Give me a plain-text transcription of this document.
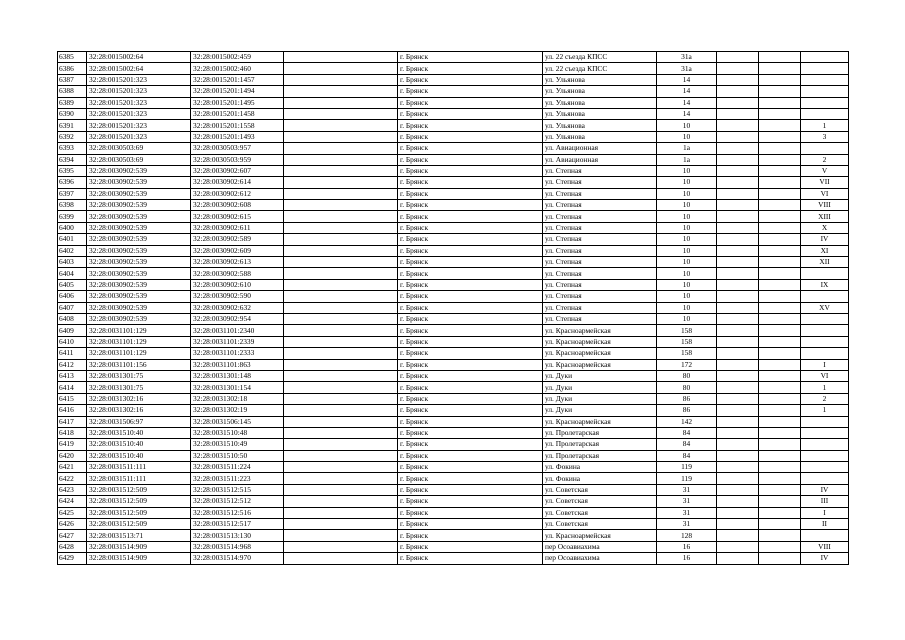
6385	32:28:0015002:64	32:28:0015002:459		г. Брянск	ул. 22 съезда КПСС	31а			
6386	32:28:0015002:64	32:28:0015002:460		г. Брянск	ул. 22 съезда КПСС	31а			
6387	32:28:0015201:323	32:28:0015201:1457		г. Брянск	ул. Ульянова	14			
6388	32:28:0015201:323	32:28:0015201:1494		г. Брянск	ул. Ульянова	14			
6389	32:28:0015201:323	32:28:0015201:1495		г. Брянск	ул. Ульянова	14			
6390	32:28:0015201:323	32:28:0015201:1458		г. Брянск	ул. Ульянова	14			
6391	32:28:0015201:323	32:28:0015201:1558		г. Брянск	ул. Ульянова	10			1
6392	32:28:0015201:323	32:28:0015201:1493		г. Брянск	ул. Ульянова	10			3
6393	32:28:0030503:69	32:28:0030503:957		г. Брянск	ул. Авиационная	1а			
6394	32:28:0030503:69	32:28:0030503:959		г. Брянск	ул. Авиационная	1а			2
6395	32:28:0030902:539	32:28:0030902:607		г. Брянск	ул. Степная	10			V
6396	32:28:0030902:539	32:28:0030902:614		г. Брянск	ул. Степная	10			VII
6397	32:28:0030902:539	32:28:0030902:612		г. Брянск	ул. Степная	10			VI
6398	32:28:0030902:539	32:28:0030902:608		г. Брянск	ул. Степная	10			VIII
6399	32:28:0030902:539	32:28:0030902:615		г. Брянск	ул. Степная	10			XIII
6400	32:28:0030902:539	32:28:0030902:611		г. Брянск	ул. Степная	10			X
6401	32:28:0030902:539	32:28:0030902:589		г. Брянск	ул. Степная	10			IV
6402	32:28:0030902:539	32:28:0030902:609		г. Брянск	ул. Степная	10			XI
6403	32:28:0030902:539	32:28:0030902:613		г. Брянск	ул. Степная	10			XII
6404	32:28:0030902:539	32:28:0030902:588		г. Брянск	ул. Степная	10			
6405	32:28:0030902:539	32:28:0030902:610		г. Брянск	ул. Степная	10			IX
6406	32:28:0030902:539	32:28:0030902:590		г. Брянск	ул. Степная	10			
6407	32:28:0030902:539	32:28:0030902:632		г. Брянск	ул. Степная	10			XV
6408	32:28:0030902:539	32:28:0030902:954		г. Брянск	ул. Степная	10			
6409	32:28:0031101:129	32:28:0031101:2340		г. Брянск	ул. Красноармейская	158			
6410	32:28:0031101:129	32:28:0031101:2339		г. Брянск	ул. Красноармейская	158			
6411	32:28:0031101:129	32:28:0031101:2333		г. Брянск	ул. Красноармейская	158			
6412	32:28:0031101:156	32:28:0031101:863		г. Брянск	ул. Красноармейская	172			I
6413	32:28:0031301:75	32:28:0031301:148		г. Брянск	ул. Дуки	80			VI
6414	32:28:0031301:75	32:28:0031301:154		г. Брянск	ул. Дуки	80			1
6415	32:28:0031302:16	32:28:0031302:18		г. Брянск	ул. Дуки	86			2
6416	32:28:0031302:16	32:28:0031302:19		г. Брянск	ул. Дуки	86			1
6417	32:28:0031506:97	32:28:0031506:145		г. Брянск	ул. Красноармейская	142			
6418	32:28:0031510:40	32:28:0031510:48		г. Брянск	ул. Пролетарская	84			
6419	32:28:0031510:40	32:28:0031510:49		г. Брянск	ул. Пролетарская	84			
6420	32:28:0031510:40	32:28:0031510:50		г. Брянск	ул. Пролетарская	84			
6421	32:28:0031511:111	32:28:0031511:224		г. Брянск	ул. Фокина	119			
6422	32:28:0031511:111	32:28:0031511:223		г. Брянск	ул. Фокина	119			
6423	32:28:0031512:509	32:28:0031512:515		г. Брянск	ул. Советская	31			IV
6424	32:28:0031512:509	32:28:0031512:512		г. Брянск	ул. Советская	31			III
6425	32:28:0031512:509	32:28:0031512:516		г. Брянск	ул. Советская	31			I
6426	32:28:0031512:509	32:28:0031512:517		г. Брянск	ул. Советская	31			II
6427	32:28:0031513:71	32:28:0031513:130		г. Брянск	ул. Красноармейская	128			
6428	32:28:0031514:909	32:28:0031514:968		г. Брянск	пер Осоавиахима	16			VIII
6429	32:28:0031514:909	32:28:0031514:970		г. Брянск	пер Осоавиахима	16			IV
